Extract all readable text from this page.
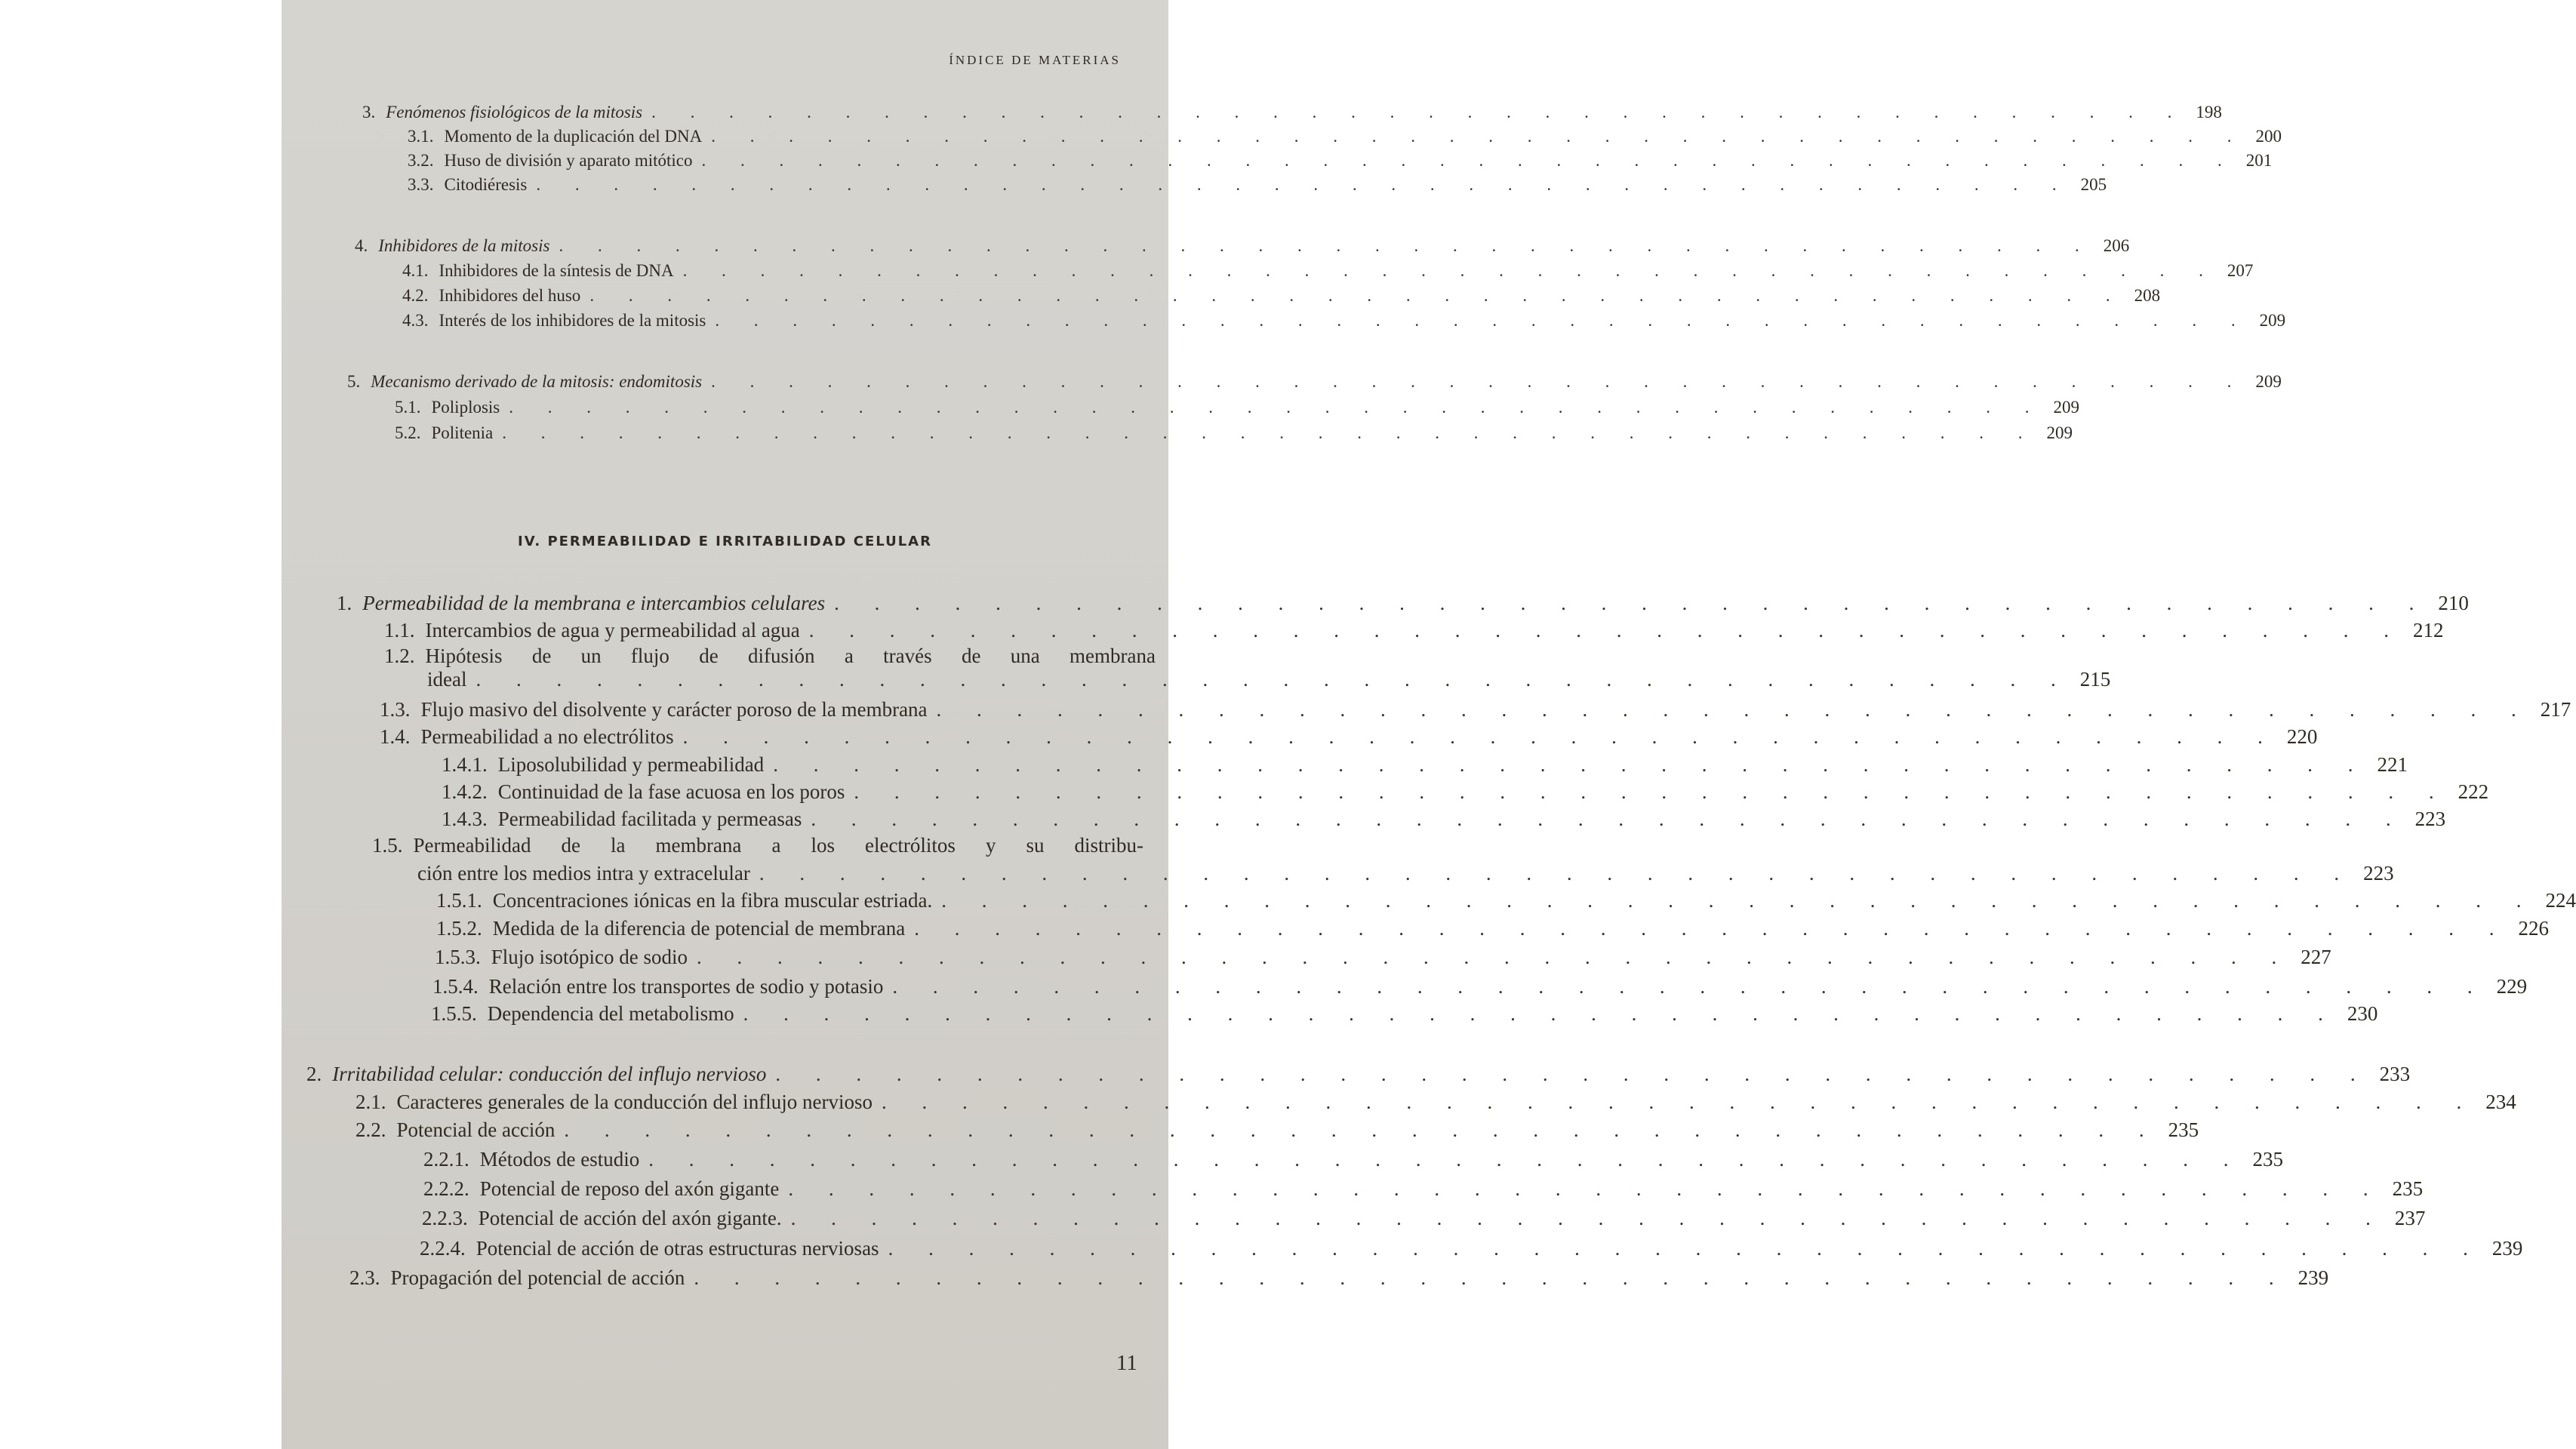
ÍNDICE DE MATERIAS
3. Fenómenos fisiológicos de la mitosis . . . . . . . . . . . . . . . . . . . . . . . . . . . . . . . . . . . . . . . . 198
3.1. Momento de la duplicación del DNA . . . . . . . . . . . . . . . . . . . . . . . . . . . . . . . . . . . . . . . . 200
3.2. Huso de división y aparato mitótico . . . . . . . . . . . . . . . . . . . . . . . . . . . . . . . . . . . . . . . . 201
3.3. Citodiéresis . . . . . . . . . . . . . . . . . . . . . . . . . . . . . . . . . . . . . . . . 205
4. Inhibidores de la mitosis . . . . . . . . . . . . . . . . . . . . . . . . . . . . . . . . . . . . . . . . 206
4.1. Inhibidores de la síntesis de DNA . . . . . . . . . . . . . . . . . . . . . . . . . . . . . . . . . . . . . . . . 207
4.2. Inhibidores del huso . . . . . . . . . . . . . . . . . . . . . . . . . . . . . . . . . . . . . . . . 208
4.3. Interés de los inhibidores de la mitosis . . . . . . . . . . . . . . . . . . . . . . . . . . . . . . . . . . . . . . . . 209
5. Mecanismo derivado de la mitosis: endomitosis . . . . . . . . . . . . . . . . . . . . . . . . . . . . . . . . . . . . . . . . 209
5.1. Poliplosis . . . . . . . . . . . . . . . . . . . . . . . . . . . . . . . . . . . . . . . . 209
5.2. Politenia . . . . . . . . . . . . . . . . . . . . . . . . . . . . . . . . . . . . . . . . 209
IV. PERMEABILIDAD E IRRITABILIDAD CELULAR
1. Permeabilidad de la membrana e intercambios celulares . . . . . . . . . . . . . . . . . . . . . . . . . . . . . . . . . . . . . . . . 210
1.1. Intercambios de agua y permeabilidad al agua . . . . . . . . . . . . . . . . . . . . . . . . . . . . . . . . . . . . . . . . 212
1.2. Hipótesis de un flujo de difusión a través de una membrana
ideal . . . . . . . . . . . . . . . . . . . . . . . . . . . . . . . . . . . . . . . . 215
1.3. Flujo masivo del disolvente y carácter poroso de la membrana . . . . . . . . . . . . . . . . . . . . . . . . . . . . . . . . . . . . . . . . 217
1.4. Permeabilidad a no electrólitos . . . . . . . . . . . . . . . . . . . . . . . . . . . . . . . . . . . . . . . . 220
1.4.1. Liposolubilidad y permeabilidad . . . . . . . . . . . . . . . . . . . . . . . . . . . . . . . . . . . . . . . . 221
1.4.2. Continuidad de la fase acuosa en los poros . . . . . . . . . . . . . . . . . . . . . . . . . . . . . . . . . . . . . . . . 222
1.4.3. Permeabilidad facilitada y permeasas . . . . . . . . . . . . . . . . . . . . . . . . . . . . . . . . . . . . . . . . 223
1.5. Permeabilidad de la membrana a los electrólitos y su distribu-
ción entre los medios intra y extracelular . . . . . . . . . . . . . . . . . . . . . . . . . . . . . . . . . . . . . . . . 223
1.5.1. Concentraciones iónicas en la fibra muscular estriada. . . . . . . . . . . . . . . . . . . . . . . . . . . . . . . . . . . . . . . . . 224
1.5.2. Medida de la diferencia de potencial de membrana . . . . . . . . . . . . . . . . . . . . . . . . . . . . . . . . . . . . . . . . 226
1.5.3. Flujo isotópico de sodio . . . . . . . . . . . . . . . . . . . . . . . . . . . . . . . . . . . . . . . . 227
1.5.4. Relación entre los transportes de sodio y potasio . . . . . . . . . . . . . . . . . . . . . . . . . . . . . . . . . . . . . . . . 229
1.5.5. Dependencia del metabolismo . . . . . . . . . . . . . . . . . . . . . . . . . . . . . . . . . . . . . . . . 230
2. Irritabilidad celular: conducción del influjo nervioso . . . . . . . . . . . . . . . . . . . . . . . . . . . . . . . . . . . . . . . . 233
2.1. Caracteres generales de la conducción del influjo nervioso . . . . . . . . . . . . . . . . . . . . . . . . . . . . . . . . . . . . . . . . 234
2.2. Potencial de acción . . . . . . . . . . . . . . . . . . . . . . . . . . . . . . . . . . . . . . . . 235
2.2.1. Métodos de estudio . . . . . . . . . . . . . . . . . . . . . . . . . . . . . . . . . . . . . . . . 235
2.2.2. Potencial de reposo del axón gigante . . . . . . . . . . . . . . . . . . . . . . . . . . . . . . . . . . . . . . . . 235
2.2.3. Potencial de acción del axón gigante. . . . . . . . . . . . . . . . . . . . . . . . . . . . . . . . . . . . . . . . . 237
2.2.4. Potencial de acción de otras estructuras nerviosas . . . . . . . . . . . . . . . . . . . . . . . . . . . . . . . . . . . . . . . . 239
2.3. Propagación del potencial de acción . . . . . . . . . . . . . . . . . . . . . . . . . . . . . . . . . . . . . . . . 239
11
